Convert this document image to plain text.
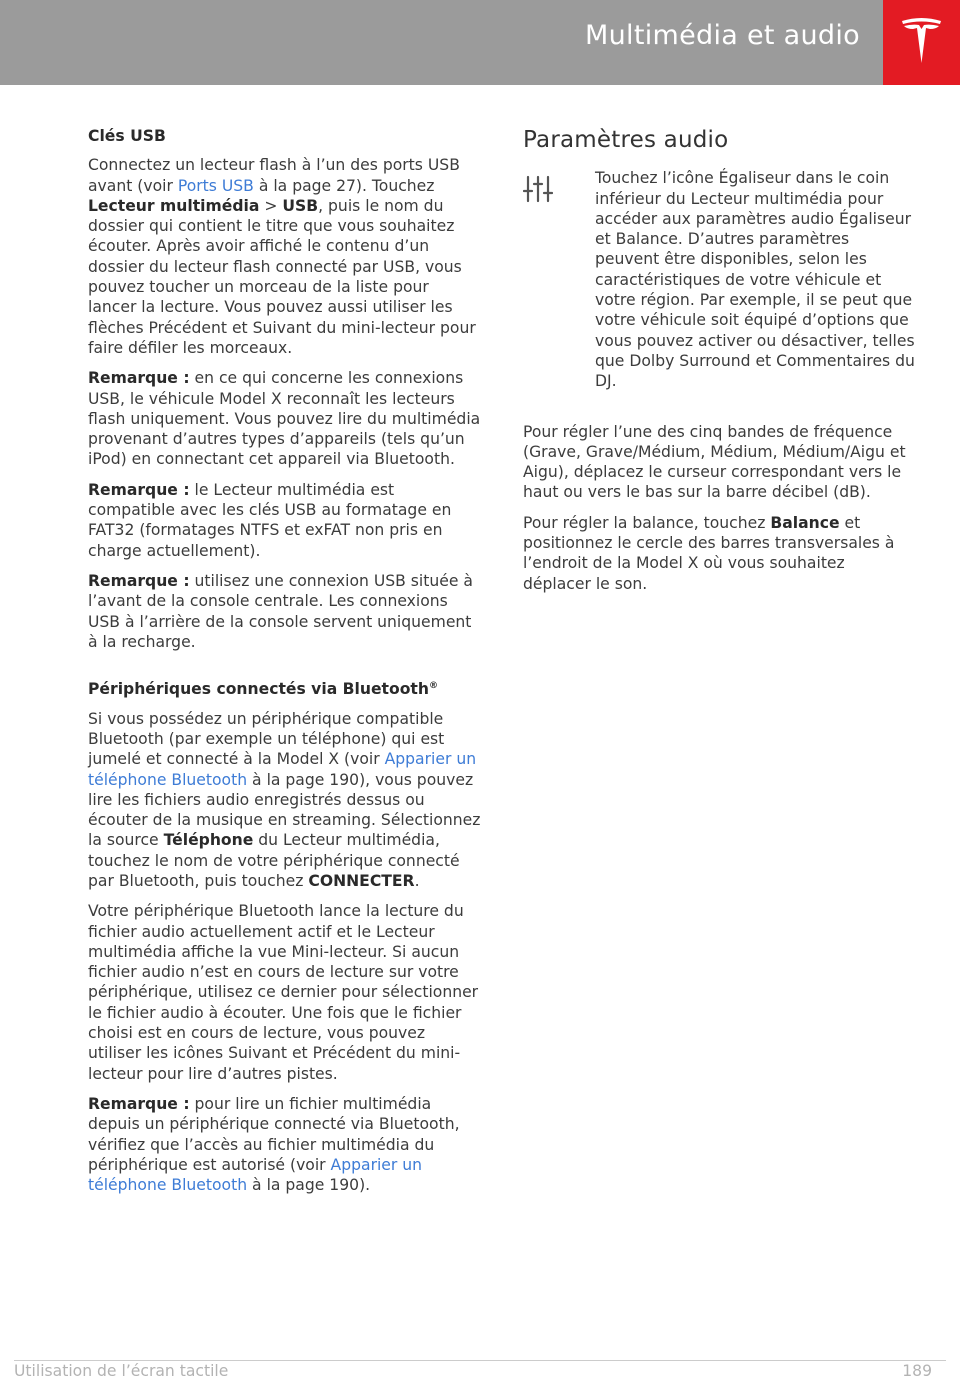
Multimédia et audio
Clés USB

Connectez un lecteur flash à l’un des ports USB avant (voir Ports USB à la page 27). Touchez Lecteur multimédia > USB, puis le nom du dossier qui contient le titre que vous souhaitez écouter. Après avoir affiché le contenu d’un dossier du lecteur flash connecté par USB, vous pouvez toucher un morceau de la liste pour lancer la lecture. Vous pouvez aussi utiliser les flèches Précédent et Suivant du mini-lecteur pour faire défiler les morceaux.

Remarque : en ce qui concerne les connexions USB, le véhicule Model X reconnaît les lecteurs flash uniquement. Vous pouvez lire du multimédia provenant d’autres types d’appareils (tels qu’un iPod) en connectant cet appareil via Bluetooth.

Remarque : le Lecteur multimédia est compatible avec les clés USB au formatage en FAT32 (formatages NTFS et exFAT non pris en charge actuellement).

Remarque : utilisez une connexion USB située à l’avant de la console centrale. Les connexions USB à l’arrière de la console servent uniquement à la recharge.

Périphériques connectés via Bluetooth®

Si vous possédez un périphérique compatible Bluetooth (par exemple un téléphone) qui est jumelé et connecté à la Model X (voir Apparier un téléphone Bluetooth à la page 190), vous pouvez lire les fichiers audio enregistrés dessus ou écouter de la musique en streaming. Sélectionnez la source Téléphone du Lecteur multimédia, touchez le nom de votre périphérique connecté par Bluetooth, puis touchez CONNECTER.

Votre périphérique Bluetooth lance la lecture du fichier audio actuellement actif et le Lecteur multimédia affiche la vue Mini-lecteur. Si aucun fichier audio n’est en cours de lecture sur votre périphérique, utilisez ce dernier pour sélectionner le fichier audio à écouter. Une fois que le fichier choisi est en cours de lecture, vous pouvez utiliser les icônes Suivant et Précédent du mini-lecteur pour lire d’autres pistes.

Remarque : pour lire un fichier multimédia depuis un périphérique connecté via Bluetooth, vérifiez que l’accès au fichier multimédia du périphérique est autorisé (voir Apparier un téléphone Bluetooth à la page 190).

Paramètres audio
Touchez l’icône Égaliseur dans le coin inférieur du Lecteur multimédia pour accéder aux paramètres audio Égaliseur et Balance. D’autres paramètres peuvent être disponibles, selon les caractéristiques de votre véhicule et votre région. Par exemple, il se peut que votre véhicule soit équipé d’options que vous pouvez activer ou désactiver, telles que Dolby Surround et Commentaires du DJ.

Pour régler l’une des cinq bandes de fréquence (Grave, Grave/Médium, Médium, Médium/Aigu et Aigu), déplacez le curseur correspondant vers le haut ou vers le bas sur la barre décibel (dB).

Pour régler la balance, touchez Balance et positionnez le cercle des barres transversales à l’endroit de la Model X où vous souhaitez déplacer le son.

Utilisation de l’écran tactile	189
